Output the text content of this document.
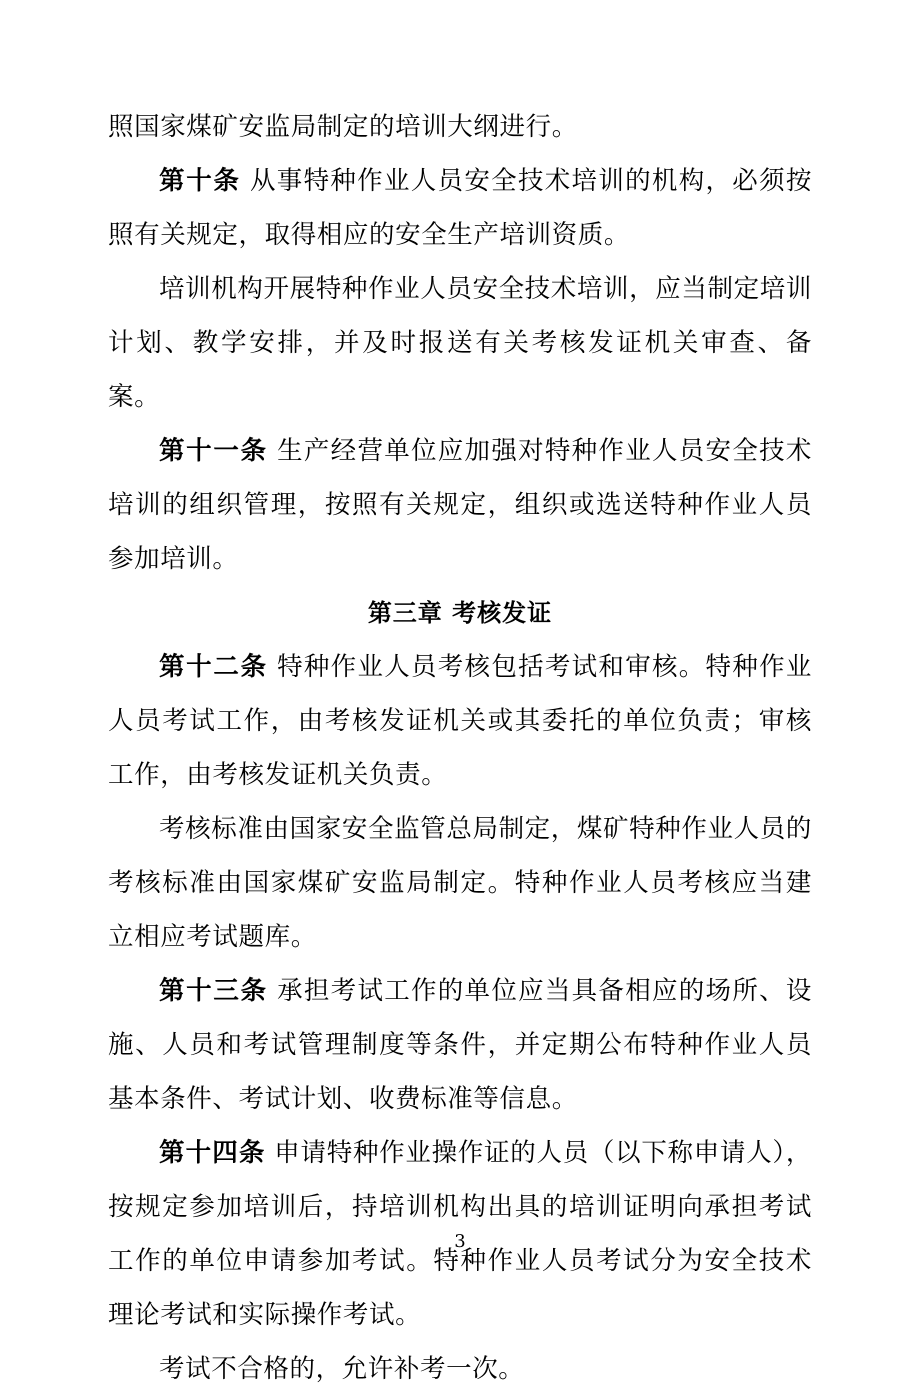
照国家煤矿安监局制定的培训大纲进行。

第十条 从事特种作业人员安全技术培训的机构，必须按照有关规定，取得相应的安全生产培训资质。

培训机构开展特种作业人员安全技术培训，应当制定培训计划、教学安排，并及时报送有关考核发证机关审查、备案。

第十一条 生产经营单位应加强对特种作业人员安全技术培训的组织管理，按照有关规定，组织或选送特种作业人员参加培训。

第三章 考核发证

第十二条 特种作业人员考核包括考试和审核。特种作业人员考试工作，由考核发证机关或其委托的单位负责；审核工作，由考核发证机关负责。

考核标准由国家安全监管总局制定，煤矿特种作业人员的考核标准由国家煤矿安监局制定。特种作业人员考核应当建立相应考试题库。

第十三条 承担考试工作的单位应当具备相应的场所、设施、人员和考试管理制度等条件，并定期公布特种作业人员基本条件、考试计划、收费标准等信息。

第十四条 申请特种作业操作证的人员（以下称申请人），按规定参加培训后，持培训机构出具的培训证明向承担考试工作的单位申请参加考试。特种作业人员考试分为安全技术理论考试和实际操作考试。

考试不合格的，允许补考一次。

3
